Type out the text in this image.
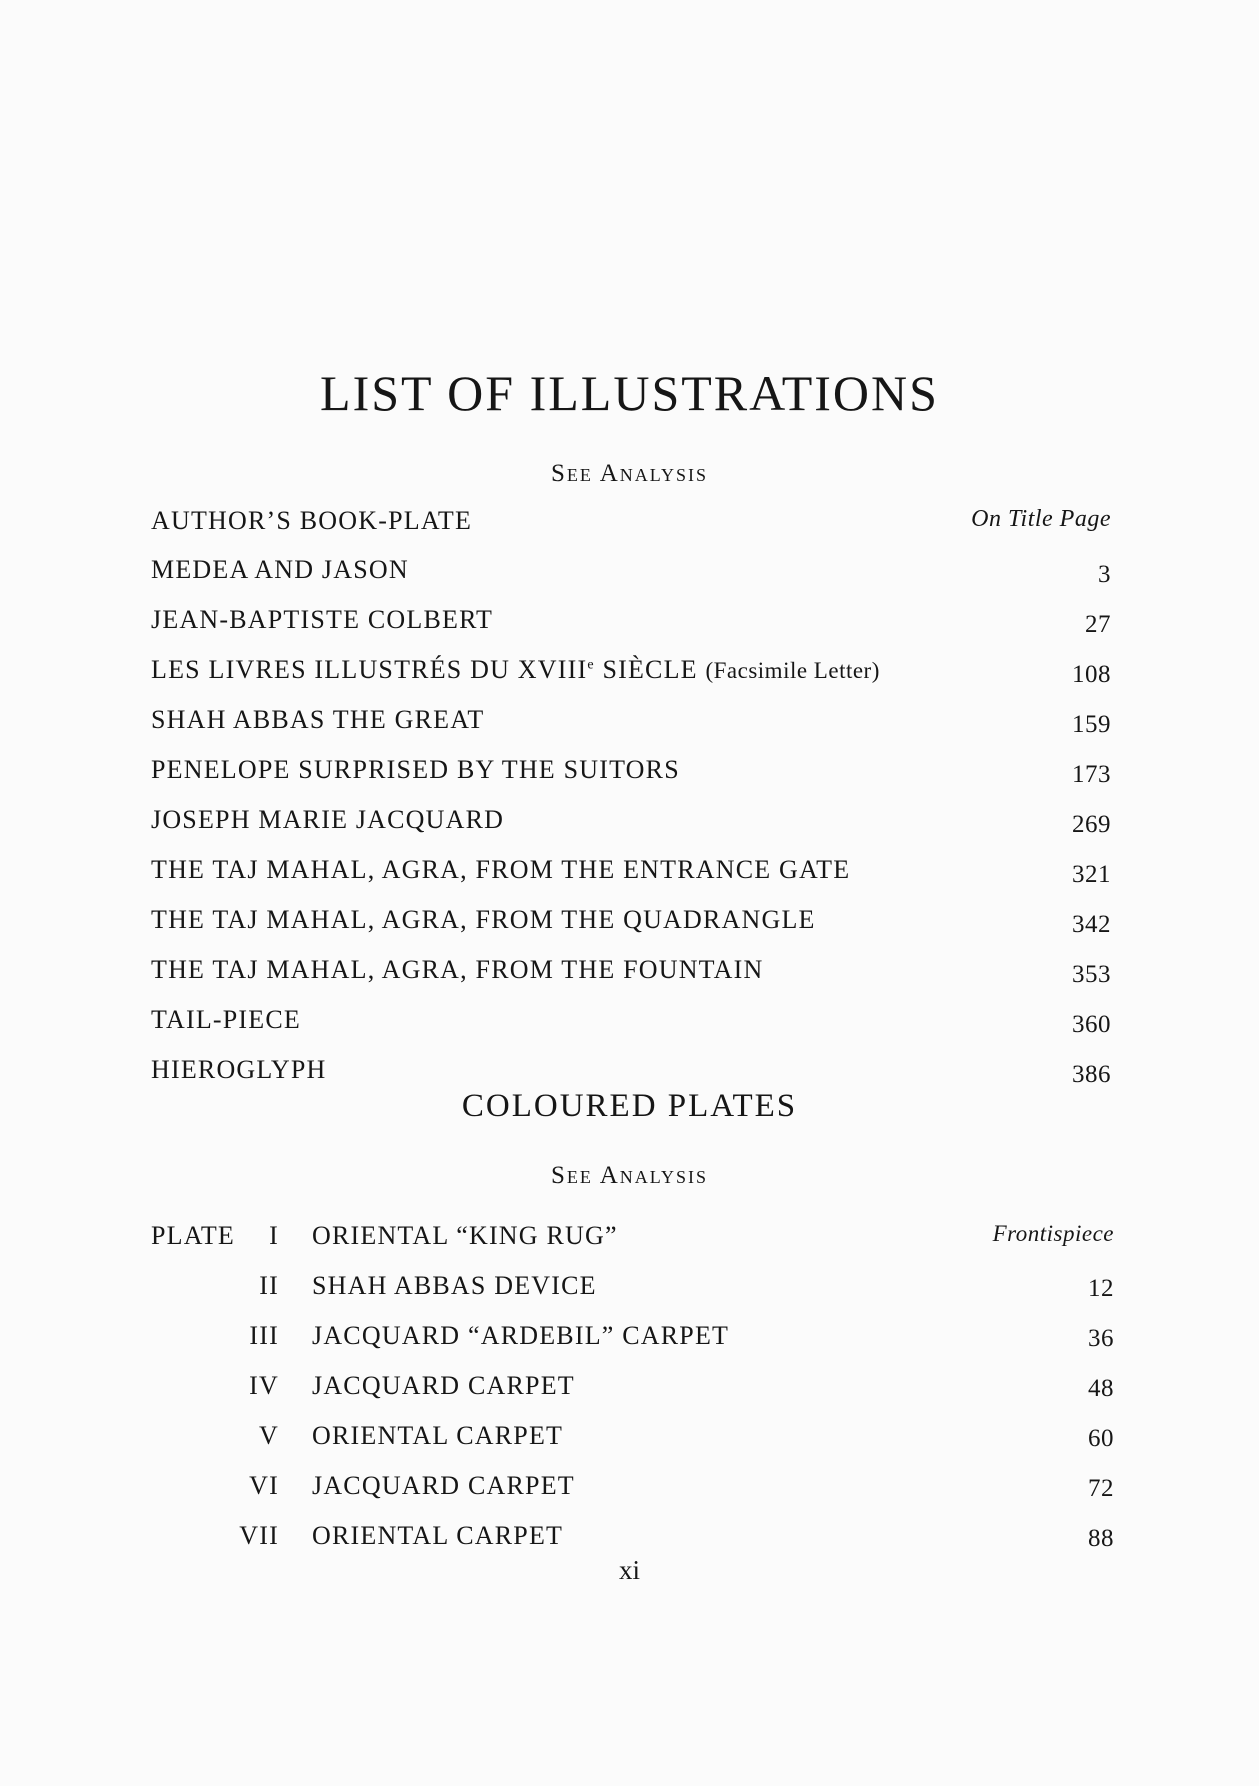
LIST OF ILLUSTRATIONS
See Analysis
AUTHOR’S BOOK-PLATE	On Title Page
MEDEA AND JASON	3
JEAN-BAPTISTE COLBERT	27
LES LIVRES ILLUSTRÉS DU XVIIIe SIÈCLE (Facsimile Letter)	108
SHAH ABBAS THE GREAT	159
PENELOPE SURPRISED BY THE SUITORS	173
JOSEPH MARIE JACQUARD	269
THE TAJ MAHAL, AGRA, FROM THE ENTRANCE GATE	321
THE TAJ MAHAL, AGRA, FROM THE QUADRANGLE	342
THE TAJ MAHAL, AGRA, FROM THE FOUNTAIN	353
TAIL-PIECE	360
HIEROGLYPH	386
COLOURED PLATES
See Analysis
PLATE I ORIENTAL “KING RUG”	Frontispiece
II SHAH ABBAS DEVICE	12
III JACQUARD “ARDEBIL” CARPET	36
IV JACQUARD CARPET	48
V ORIENTAL CARPET	60
VI JACQUARD CARPET	72
VII ORIENTAL CARPET	88
xi
